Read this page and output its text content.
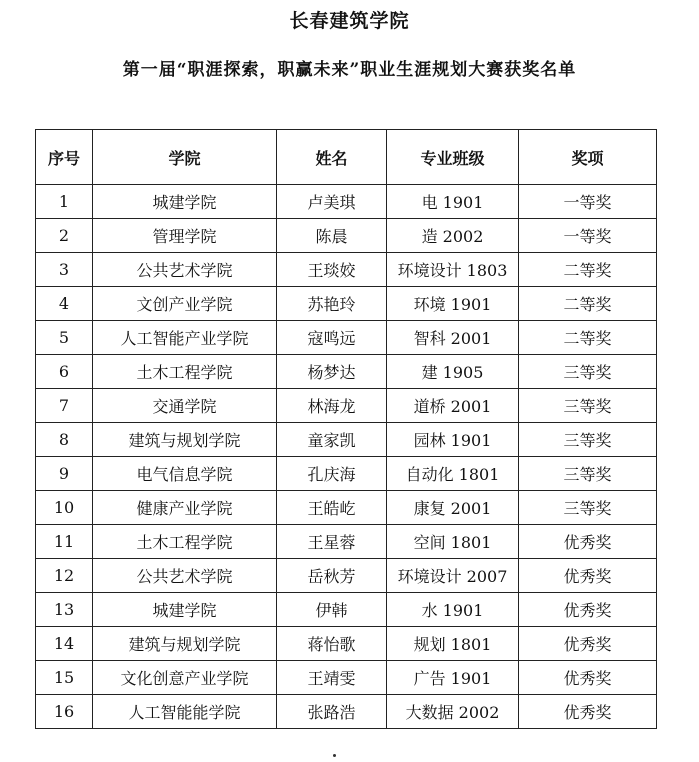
长春建筑学院
第一届“职涯探索，职赢未来”职业生涯规划大赛获奖名单
序号	学院	姓名	专业班级	奖项
1	城建学院	卢美琪	电 1901	一等奖
2	管理学院	陈晨	造 2002	一等奖
3	公共艺术学院	王琰姣	环境设计 1803	二等奖
4	文创产业学院	苏艳玲	环境 1901	二等奖
5	人工智能产业学院	寇鸣远	智科 2001	二等奖
6	土木工程学院	杨梦达	建 1905	三等奖
7	交通学院	林海龙	道桥 2001	三等奖
8	建筑与规划学院	童家凯	园林 1901	三等奖
9	电气信息学院	孔庆海	自动化 1801	三等奖
10	健康产业学院	王皓屹	康复 2001	三等奖
11	土木工程学院	王星蓉	空间 1801	优秀奖
12	公共艺术学院	岳秋芳	环境设计 2007	优秀奖
13	城建学院	伊韩	水 1901	优秀奖
14	建筑与规划学院	蒋怡歌	规划 1801	优秀奖
15	文化创意产业学院	王靖雯	广告 1901	优秀奖
16	人工智能能学院	张路浩	大数据 2002	优秀奖
